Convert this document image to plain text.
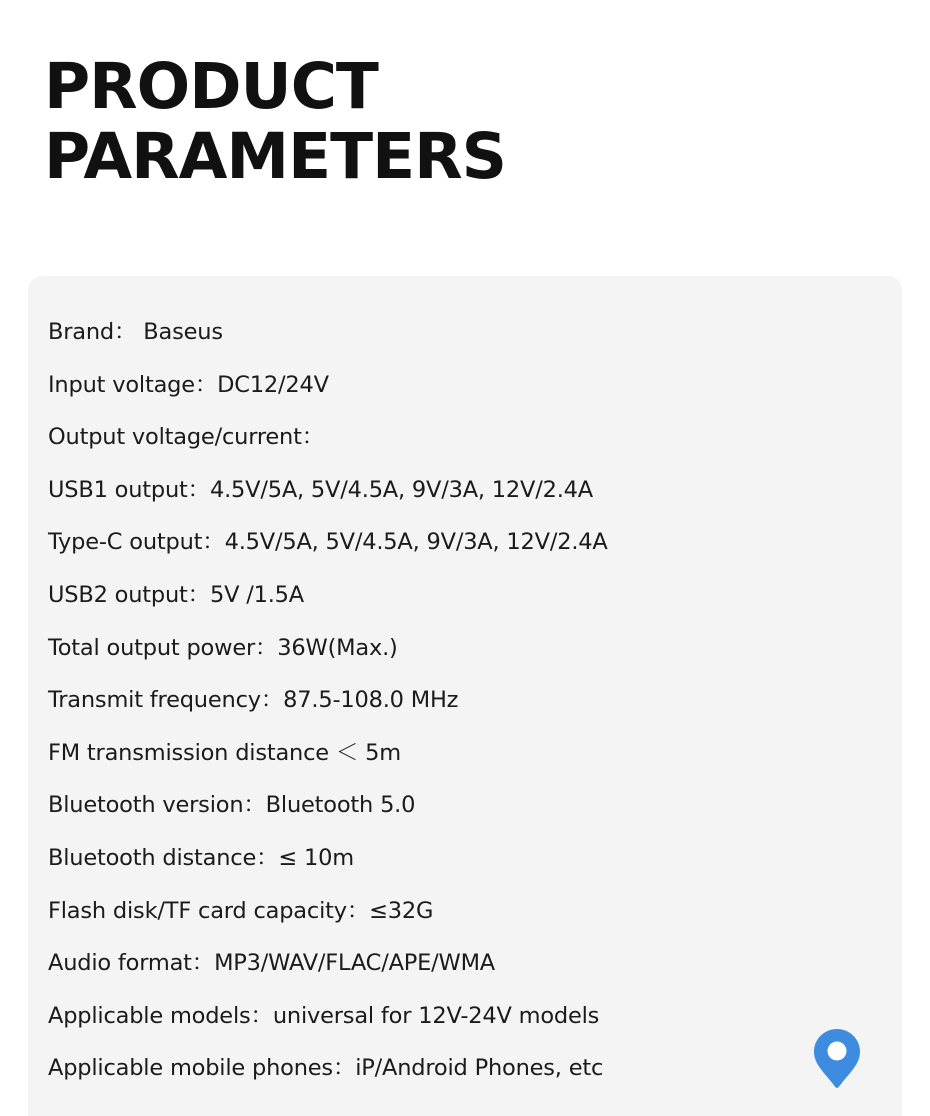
PRODUCT
PARAMETERS
Brand： Baseus
Input voltage：DC12/24V
Output voltage/current：
USB1 output：4.5V/5A, 5V/4.5A, 9V/3A, 12V/2.4A
Type-C output：4.5V/5A, 5V/4.5A, 9V/3A, 12V/2.4A
USB2 output：5V /1.5A
Total output power：36W(Max.)
Transmit frequency：87.5-108.0 MHz
FM transmission distance ＜ 5m
Bluetooth version：Bluetooth 5.0
Bluetooth distance：≤ 10m
Flash disk/TF card capacity：≤32G
Audio format：MP3/WAV/FLAC/APE/WMA
Applicable models：universal for 12V-24V models
Applicable mobile phones：iP/Android Phones, etc
